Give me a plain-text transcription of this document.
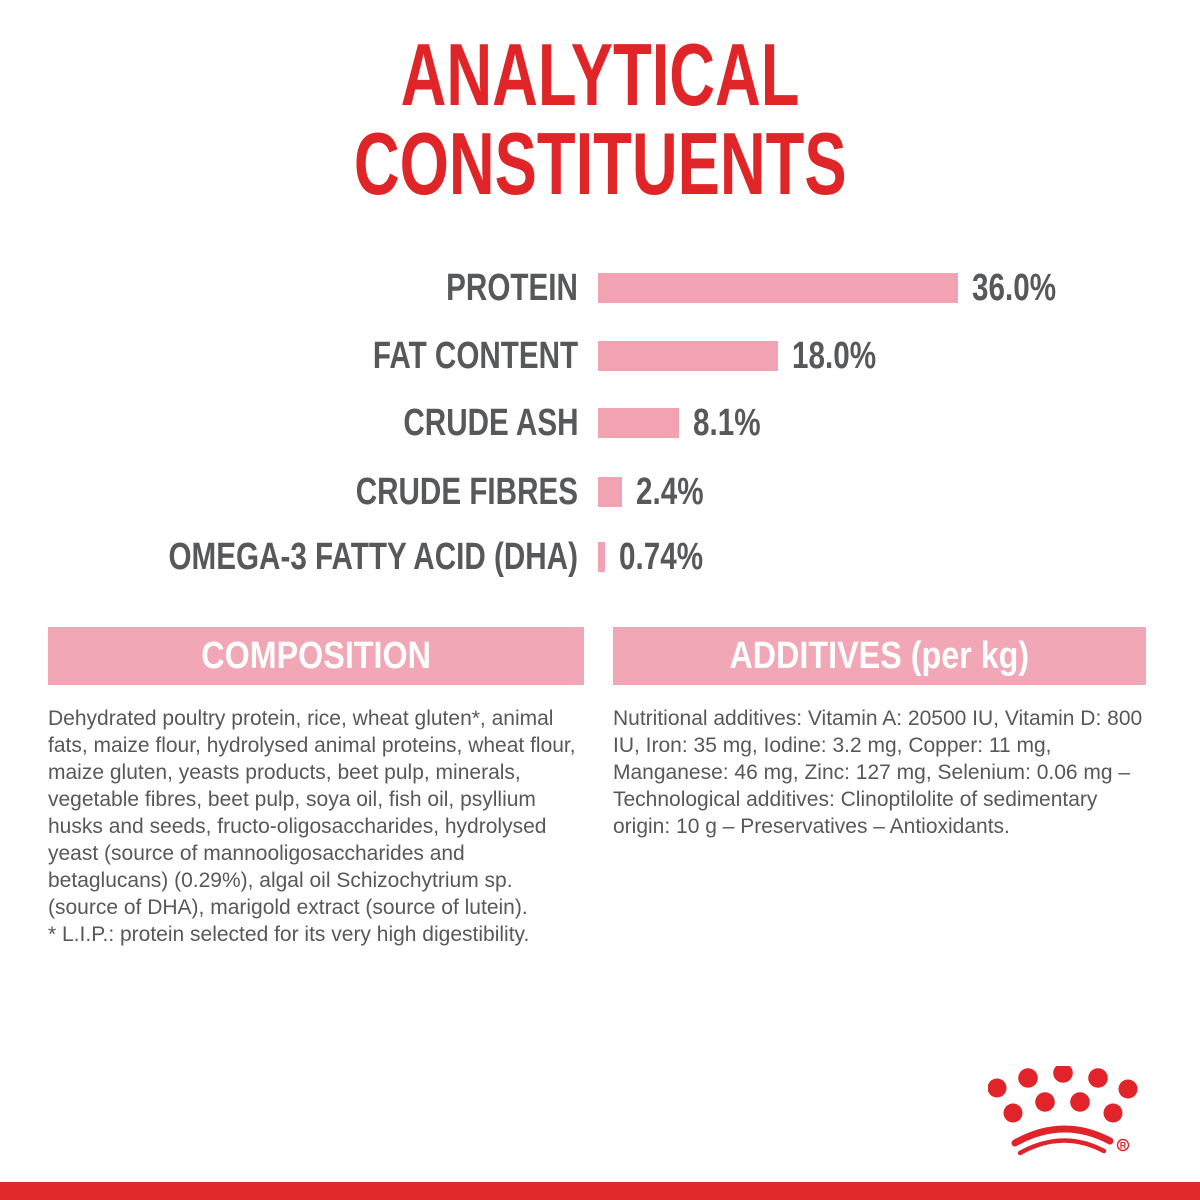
ANALYTICAL
CONSTITUENTS
PROTEIN	36.0%
FAT CONTENT	18.0%
CRUDE ASH	8.1%
CRUDE FIBRES 2.4%
OMEGA-3 FATTY ACID (DHA) 0.74%
COMPOSITION

Dehydrated poultry protein, rice, wheat gluten*, animal fats, maize flour, hydrolysed animal proteins, wheat flour, maize gluten, yeasts products, beet pulp, minerals, vegetable fibres, beet pulp, soya oil, fish oil, psyllium husks and seeds, fructo-oligosaccharides, hydrolysed yeast (source of mannooligosaccharides and betaglucans) (0.29%), algal oil Schizochytrium sp. (source of DHA), marigold extract (source of lutein).

* L.I.P.: protein selected for its very high digestibility.

ADDITIVES (per kg)

Nutritional additives: Vitamin A: 20500 IU, Vitamin D: 800 IU, Iron: 35 mg, Iodine: 3.2 mg, Copper: 11 mg, Manganese: 46 mg, Zinc: 127 mg, Selenium: 0.06 mg – Technological additives: Clinoptilolite of sedimentary origin: 10 g – Preservatives – Antioxidants.

R
